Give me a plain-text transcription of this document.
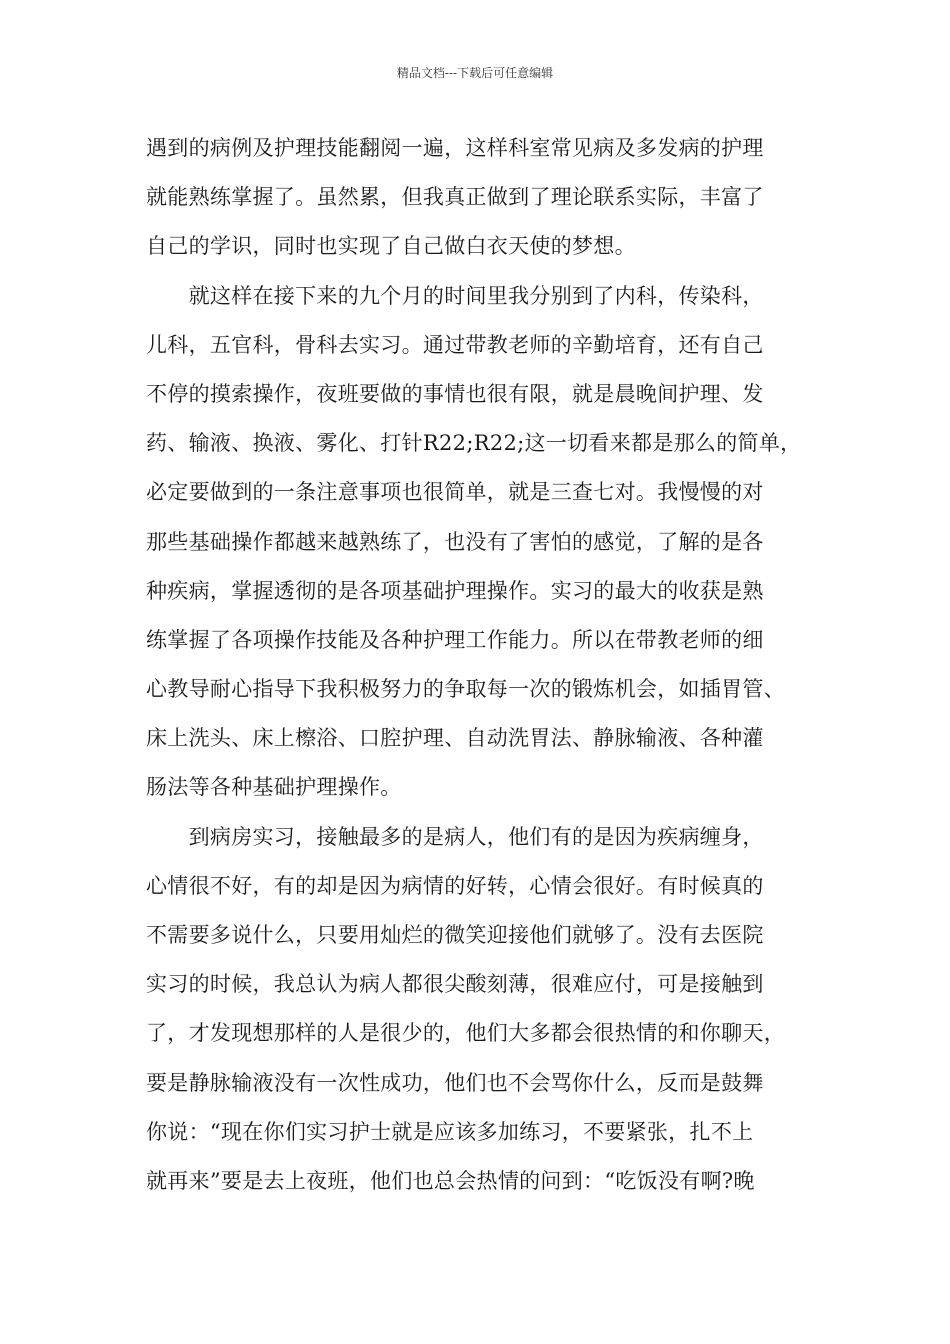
精品文档---下载后可任意编辑
遇到的病例及护理技能翻阅一遍，这样科室常见病及多发病的护理
就能熟练掌握了。虽然累，但我真正做到了理论联系实际，丰富了
自己的学识，同时也实现了自己做白衣天使的梦想。
　　就这样在接下来的九个月的时间里我分别到了内科，传染科，
儿科，五官科，骨科去实习。通过带教老师的辛勤培育，还有自己
不停的摸索操作，夜班要做的事情也很有限，就是晨晚间护理、发
药、输液、换液、雾化、打针R22;R22;这一切看来都是那么的简单，
必定要做到的一条注意事项也很简单，就是三查七对。我慢慢的对
那些基础操作都越来越熟练了，也没有了害怕的感觉，了解的是各
种疾病，掌握透彻的是各项基础护理操作。实习的最大的收获是熟
练掌握了各项操作技能及各种护理工作能力。所以在带教老师的细
心教导耐心指导下我积极努力的争取每一次的锻炼机会，如插胃管、
床上洗头、床上檫浴、口腔护理、自动洗胃法、静脉输液、各种灌
肠法等各种基础护理操作。
　　到病房实习，接触最多的是病人，他们有的是因为疾病缠身，
心情很不好，有的却是因为病情的好转，心情会很好。有时候真的
不需要多说什么，只要用灿烂的微笑迎接他们就够了。没有去医院
实习的时候，我总认为病人都很尖酸刻薄，很难应付，可是接触到
了，才发现想那样的人是很少的，他们大多都会很热情的和你聊天，
要是静脉输液没有一次性成功，他们也不会骂你什么，反而是鼓舞
你说：“现在你们实习护士就是应该多加练习，不要紧张，扎不上
就再来”要是去上夜班，他们也总会热情的问到：“吃饭没有啊?晚
